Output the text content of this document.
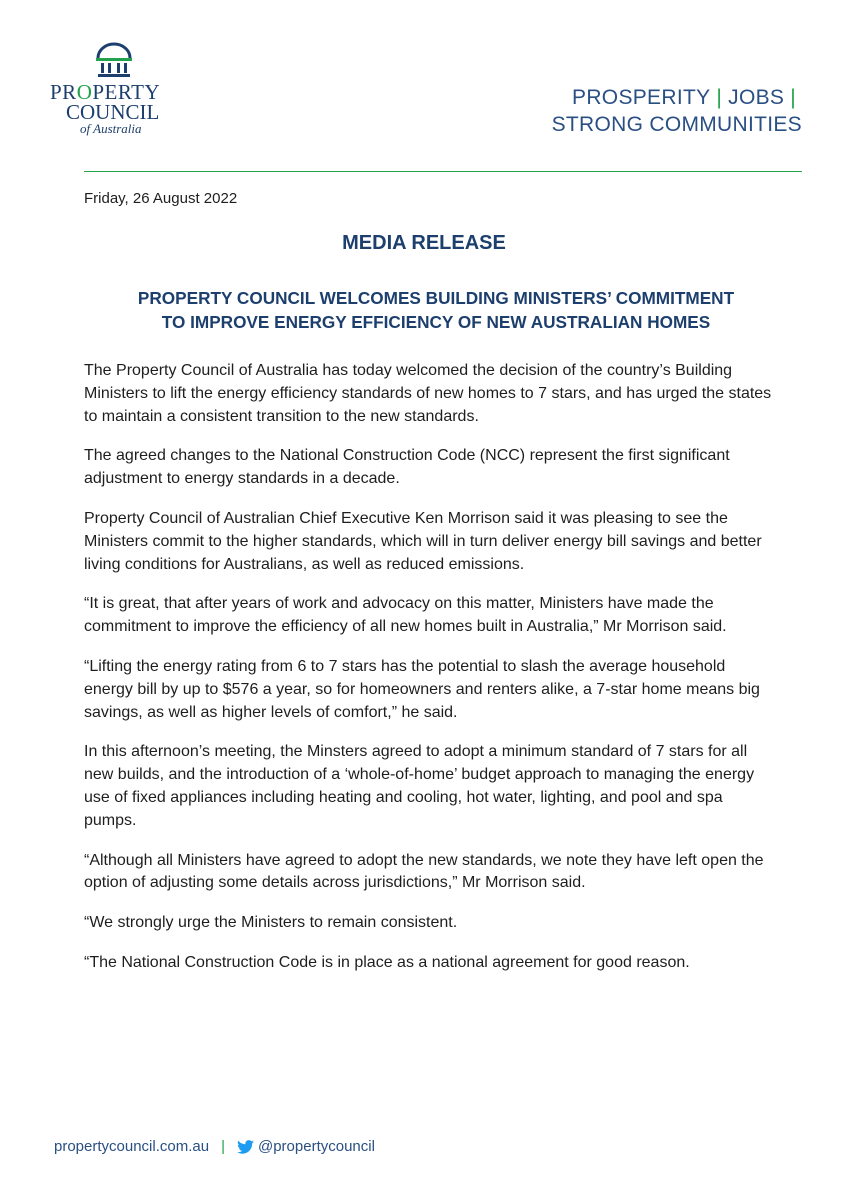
PROPERTY
COUNCIL
of Australia
PROSPERITY | JOBS |
STRONG COMMUNITIES
Friday, 26 August 2022
MEDIA RELEASE
PROPERTY COUNCIL WELCOMES BUILDING MINISTERS’ COMMITMENT
TO IMPROVE ENERGY EFFICIENCY OF NEW AUSTRALIAN HOMES

The Property Council of Australia has today welcomed the decision of the country’s Building Ministers to lift the energy efficiency standards of new homes to 7 stars, and has urged the states to maintain a consistent transition to the new standards.

The agreed changes to the National Construction Code (NCC) represent the first significant adjustment to energy standards in a decade.

Property Council of Australian Chief Executive Ken Morrison said it was pleasing to see the Ministers commit to the higher standards, which will in turn deliver energy bill savings and better living conditions for Australians, as well as reduced emissions.

“It is great, that after years of work and advocacy on this matter, Ministers have made the commitment to improve the efficiency of all new homes built in Australia,” Mr Morrison said.

“Lifting the energy rating from 6 to 7 stars has the potential to slash the average household energy bill by up to $576 a year, so for homeowners and renters alike, a 7-star home means big savings, as well as higher levels of comfort,” he said.

In this afternoon’s meeting, the Minsters agreed to adopt a minimum standard of 7 stars for all new builds, and the introduction of a ‘whole-of-home’ budget approach to managing the energy use of fixed appliances including heating and cooling, hot water, lighting, and pool and spa pumps.

“Although all Ministers have agreed to adopt the new standards, we note they have left open the option of adjusting some details across jurisdictions,” Mr Morrison said.

“We strongly urge the Ministers to remain consistent.

“The National Construction Code is in place as a national agreement for good reason.

propertycouncil.com.au | @propertycouncil
